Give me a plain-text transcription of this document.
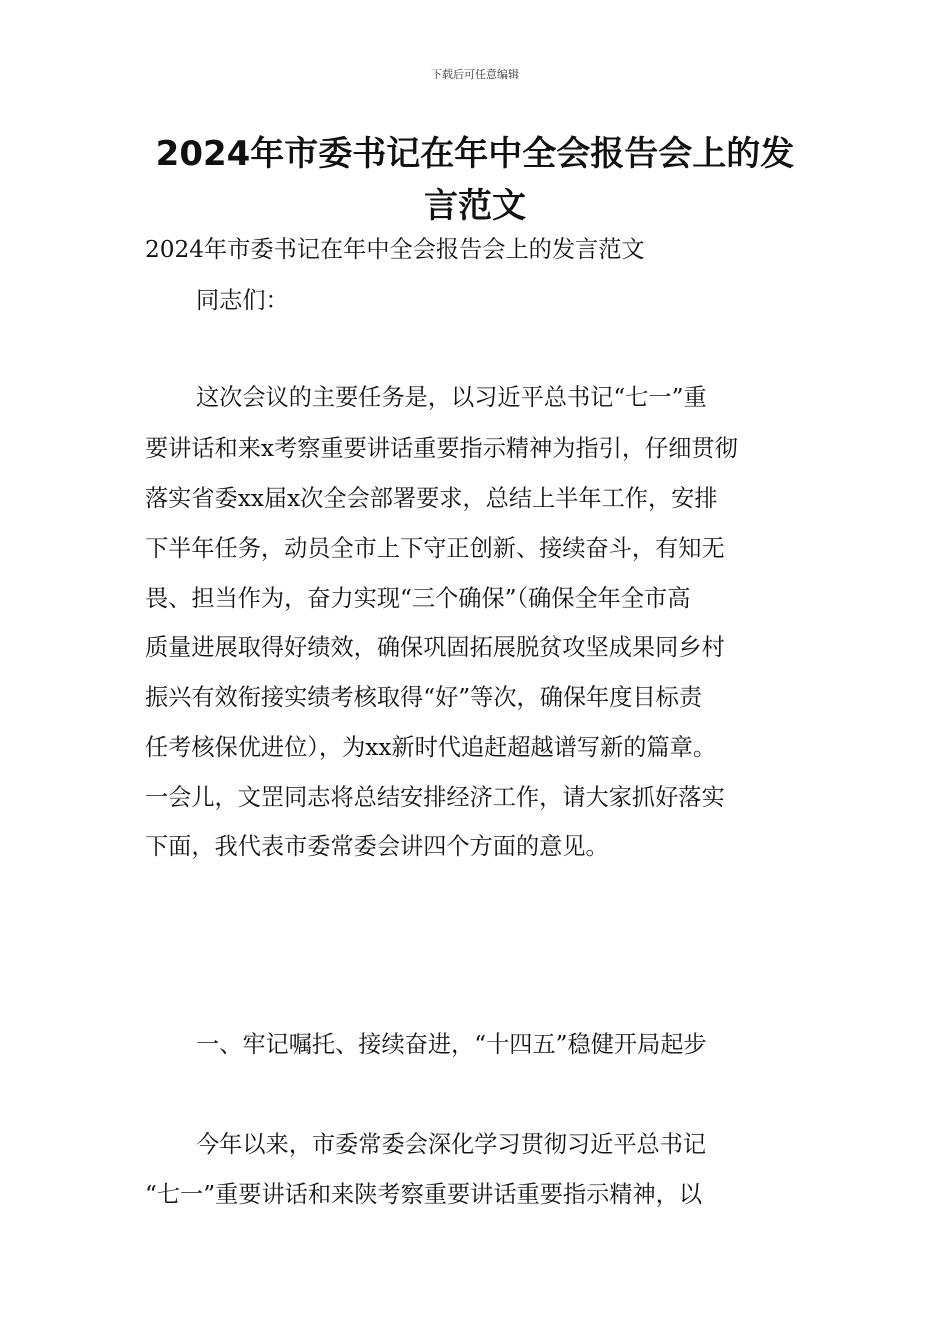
下载后可任意编辑
2024年市委书记在年中全会报告会上的发
言范文
2024年市委书记在年中全会报告会上的发言范文
同志们：
这次会议的主要任务是，以习近平总书记“七一”重
要讲话和来x考察重要讲话重要指示精神为指引，仔细贯彻
落实省委xx届x次全会部署要求，总结上半年工作，安排
下半年任务，动员全市上下守正创新、接续奋斗，有知无
畏、担当作为，奋力实现“三个确保”（确保全年全市高
质量进展取得好绩效，确保巩固拓展脱贫攻坚成果同乡村
振兴有效衔接实绩考核取得“好”等次，确保年度目标责
任考核保优进位），为xx新时代追赶超越谱写新的篇章。
一会儿，文罡同志将总结安排经济工作，请大家抓好落实
下面，我代表市委常委会讲四个方面的意见。
一、牢记嘱托、接续奋进，“十四五”稳健开局起步
今年以来，市委常委会深化学习贯彻习近平总书记
“七一”重要讲话和来陕考察重要讲话重要指示精神，以
